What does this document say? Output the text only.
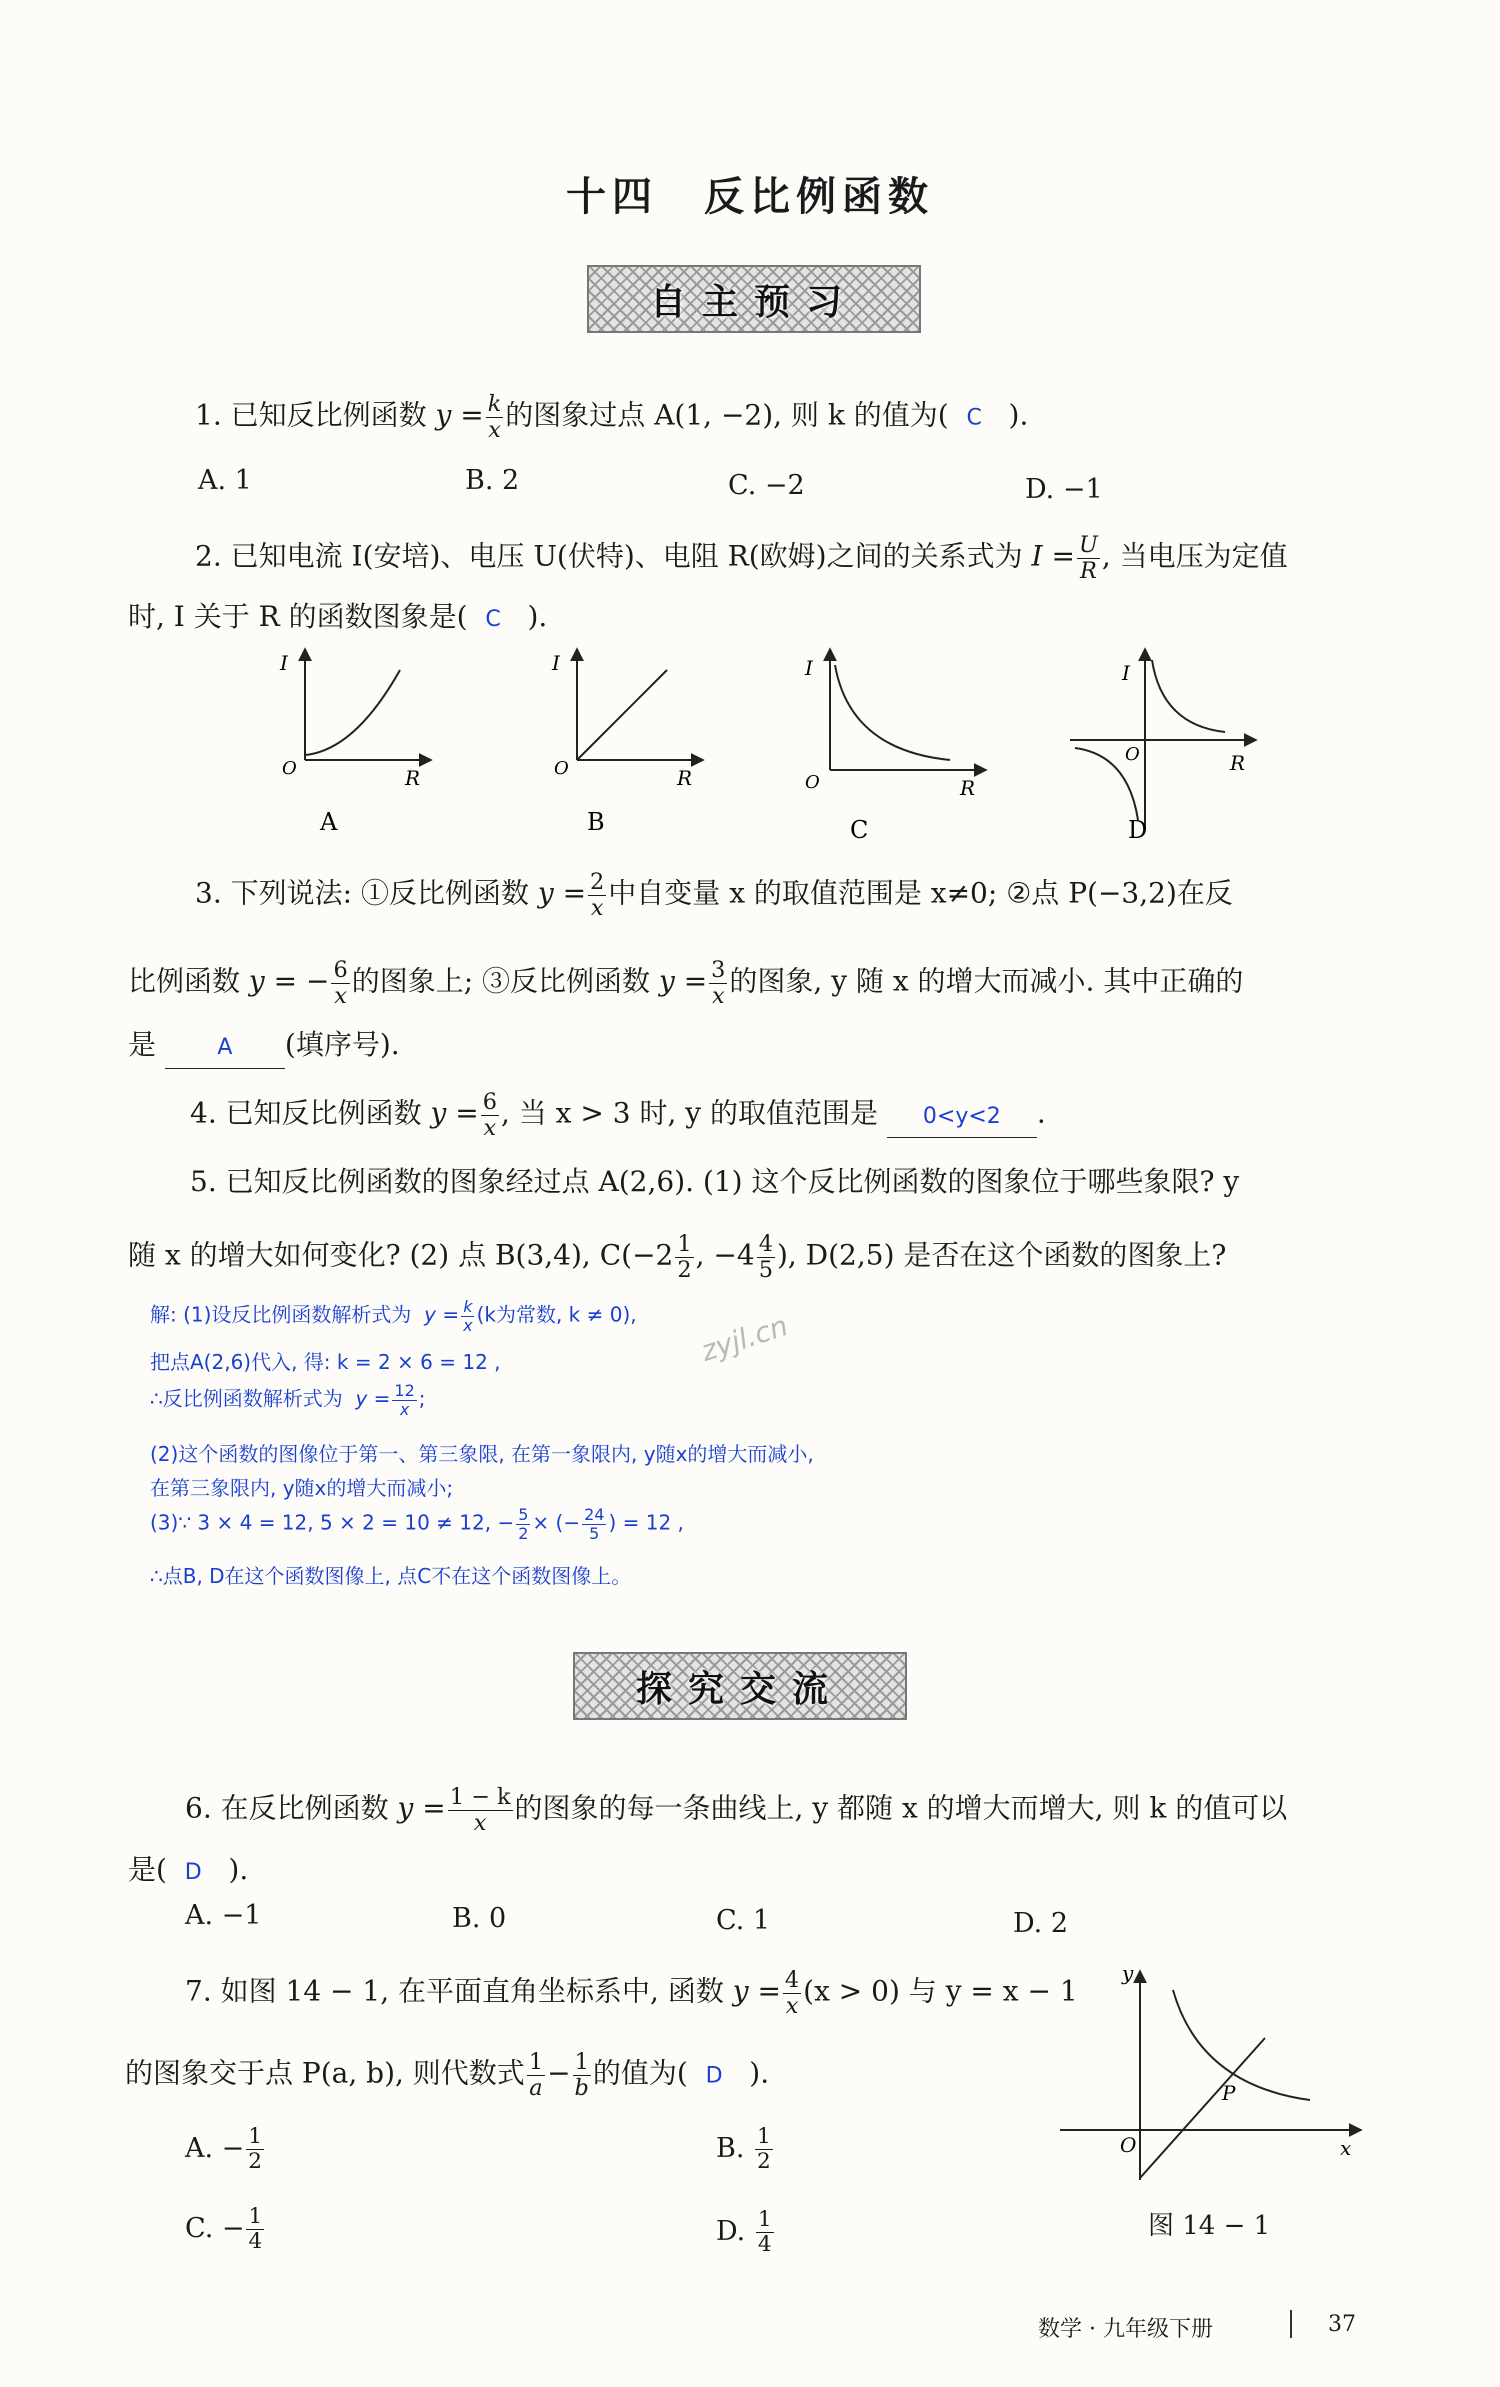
十四　反比例函数
自主预习
1. 已知反比例函数 $y = \frac{k}{x}$ 的图象过点 A(1, −2), 则 k 的值为( C ).
A. 1	B. 2	C. −2	D. −1
2. 已知电流 I(安培)、电压 U(伏特)、电阻 R(欧姆)之间的关系式为 $I = \frac{U}{R}$ , 当电压为定值
时, I 关于 R 的函数图象是( C ).
I
O	R
A
I
O	R
B
I
O	R
C
I
O	R
D
3. 下列说法: ①反比例函数 $y = \frac{2}{x}$ 中自变量 x 的取值范围是 x≠0; ②点 P(−3,2)在反
比例函数 y = − $\frac{6}{x}$ 的图象上; ③反比例函数 $y = \frac{3}{x}$ 的图象, y 随 x 的增大而减小. 其中正确的
是	A (填序号).
4. 已知反比例函数 $y = \frac{6}{x}$ , 当 x > 3 时, y 的取值范围是 0<y<2 .
5. 已知反比例函数的图象经过点 A(2,6). (1) 这个反比例函数的图象位于哪些象限? y
随 x 的增大如何变化? (2) 点 B(3,4), $C(-2 \frac{1}{2}$ , $-4 \frac{4}{5}$ ), D(2,5) 是否在这个函数的图象上?
解: (1)设反比例函数解析式为 $y = \frac{k}{x} (k$为常数, k ≠ 0),
把点A(2,6)代入, 得: k = 2 × 6 = 12 ,
∴反比例函数解析式为 $y = \frac{12}{x}$ ;
(2)这个函数的图像位于第一、第三象限, 在第一象限内, y随x的增大而减小,
在第三象限内, y随x的增大而减小;
(3)∵ 3 × 4 = 12, 5 × 2 = 10 ≠ 12, − $\frac{5}{2}$ × (− $\frac{24}{5}$ ) = 12 ,
∴点B, D在这个函数图像上, 点C不在这个函数图像上。
zyjl.cn
探究交流
6. 在反比例函数 $y = \frac{1 - k}{x}$ 的图象的每一条曲线上, y 都随 x 的增大而增大, 则 k 的值可以
是( D ).
A. −1	B. 0	C. 1	D. 2
7. 如图 14 − 1, 在平面直角坐标系中, 函数 $y = \frac{4}{x} (x > 0)$ 与 y = x − 1
的图象交于点 P(a, b), 则代数式 $\frac{1}{a} - \frac{1}{b}$ 的值为( D ).
A. − $\frac{1}{2}$	B. $\frac{1}{2}$
C. − $\frac{1}{4}$	D. $\frac{1}{4}$
y
x
O
P
图 14 − 1
数学 · 九年级下册	37
